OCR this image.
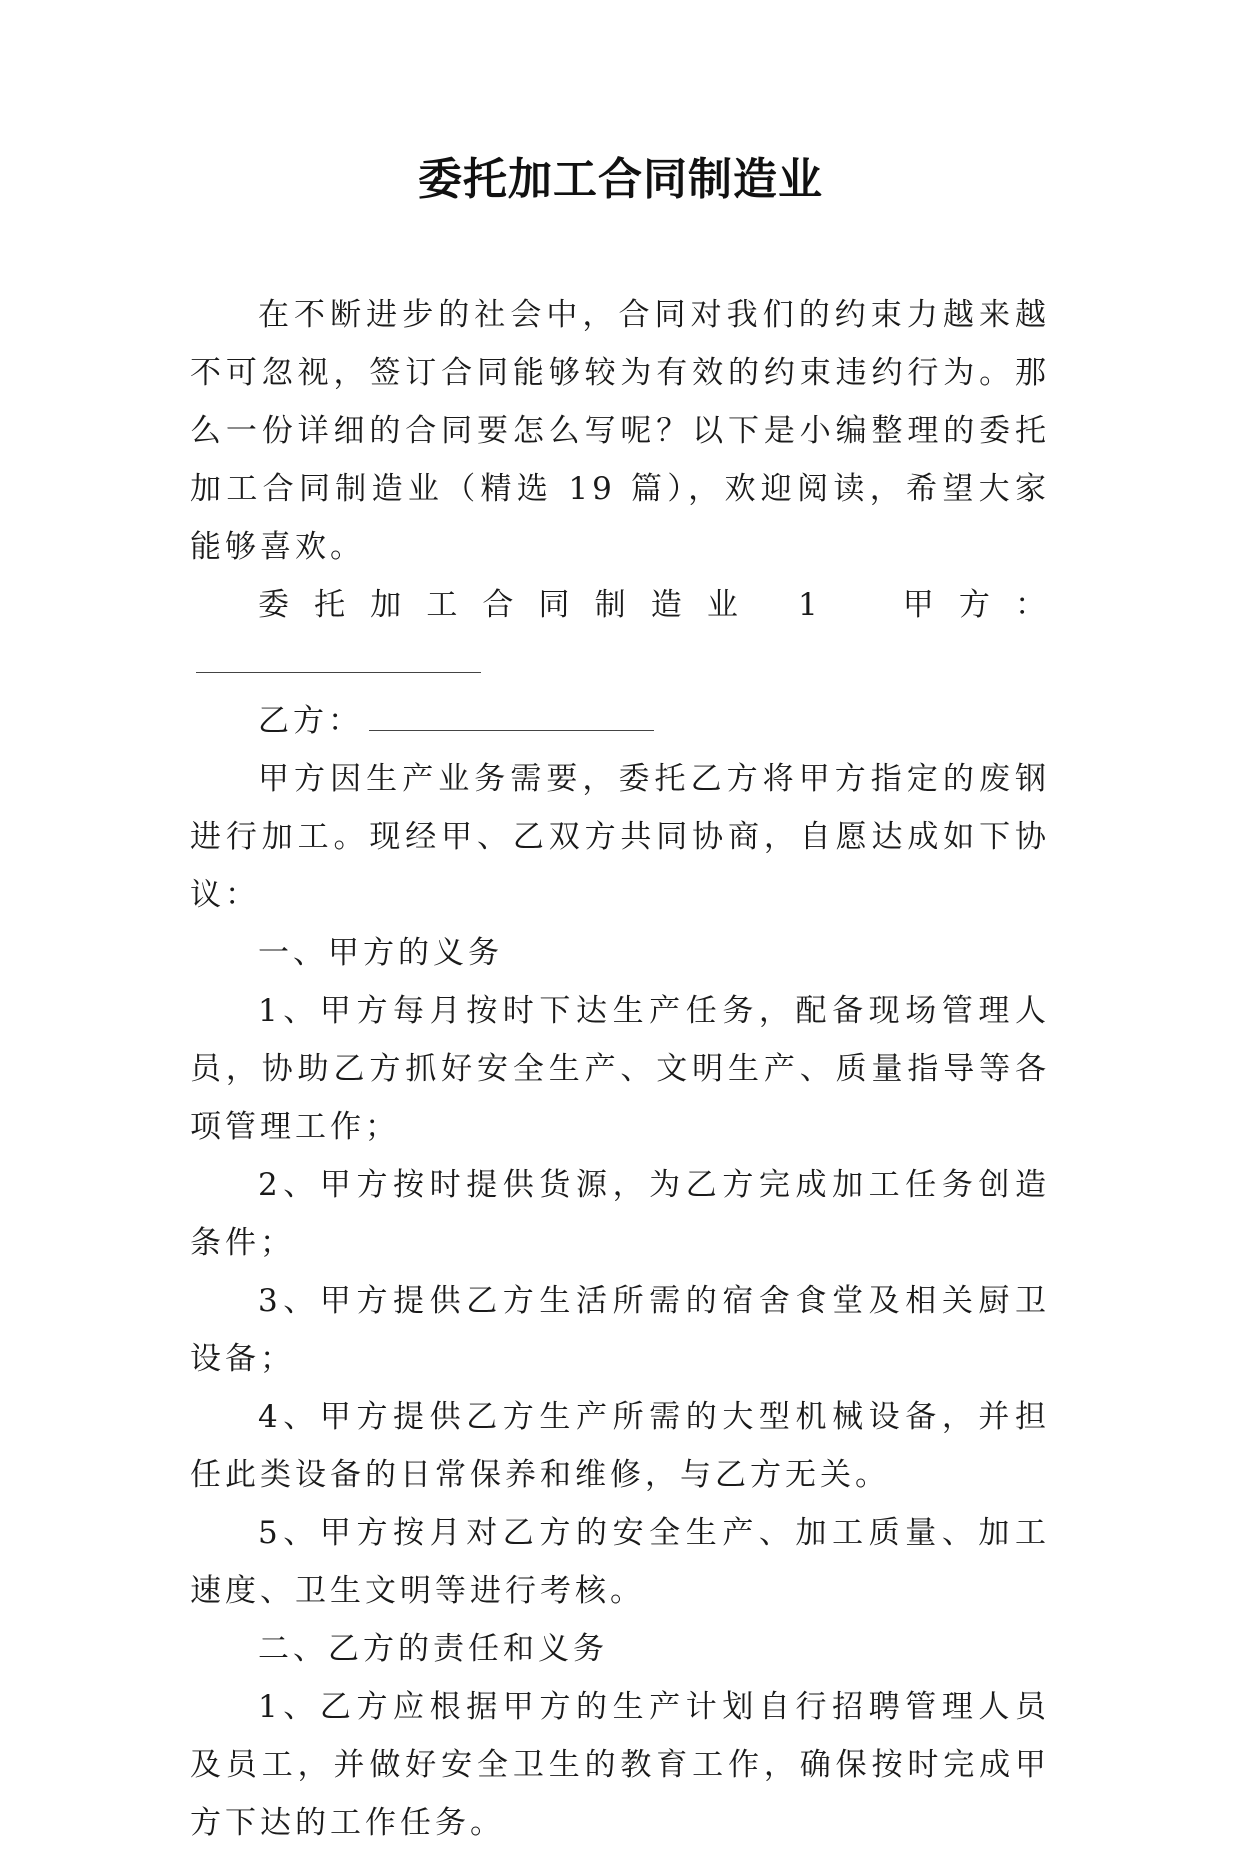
委托加工合同制造业

在不断进步的社会中，合同对我们的约束力越来越不可忽视，签订合同能够较为有效的约束违约行为。那么一份详细的合同要怎么写呢？以下是小编整理的委托加工合同制造业（精选 19 篇），欢迎阅读，希望大家能够喜欢。

委托加工合同制造业 1 甲方：

乙方：

甲方因生产业务需要，委托乙方将甲方指定的废钢进行加工。现经甲、乙双方共同协商，自愿达成如下协议：

一、甲方的义务

1、甲方每月按时下达生产任务，配备现场管理人员，协助乙方抓好安全生产、文明生产、质量指导等各项管理工作；

2、甲方按时提供货源，为乙方完成加工任务创造条件；

3、甲方提供乙方生活所需的宿舍食堂及相关厨卫设备；

4、甲方提供乙方生产所需的大型机械设备，并担任此类设备的日常保养和维修，与乙方无关。

5、甲方按月对乙方的安全生产、加工质量、加工速度、卫生文明等进行考核。

二、乙方的责任和义务

1、乙方应根据甲方的生产计划自行招聘管理人员及员工，并做好安全卫生的教育工作，确保按时完成甲方下达的工作任务。
